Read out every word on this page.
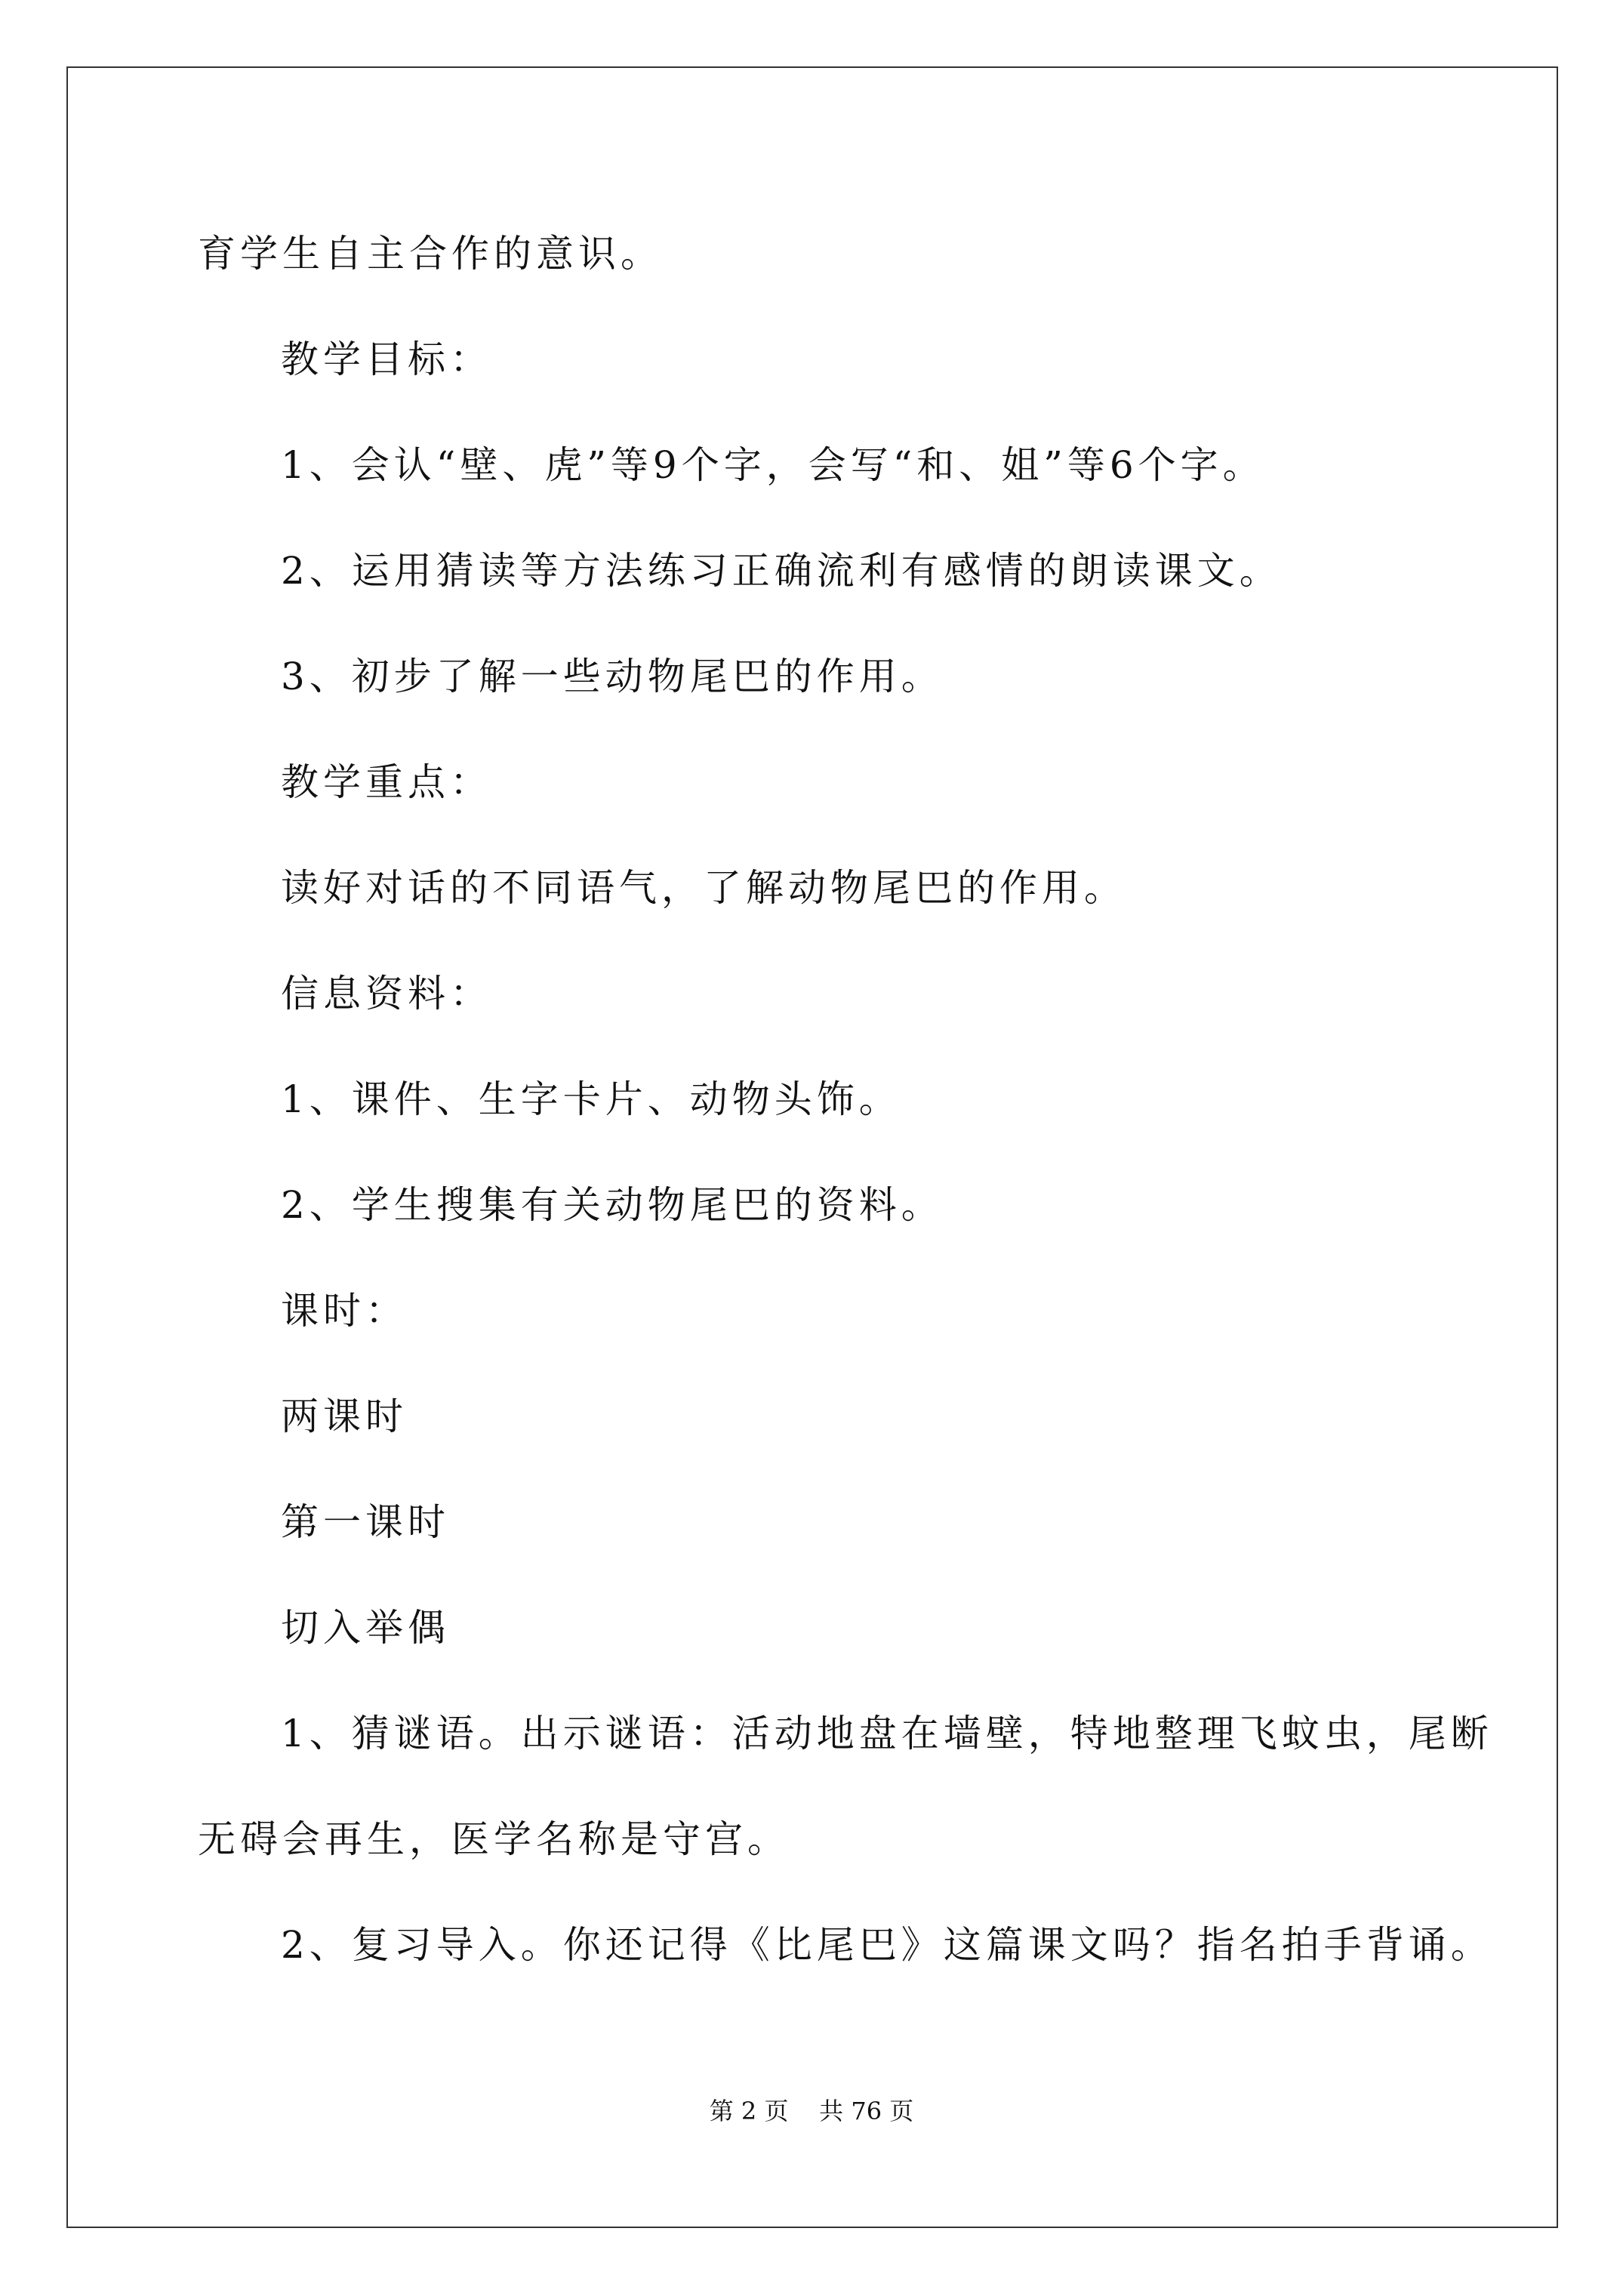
育学生自主合作的意识。
教学目标：
1、会认“壁、虎”等9个字，会写“和、姐”等6个字。
2、运用猜读等方法练习正确流利有感情的朗读课文。
3、初步了解一些动物尾巴的作用。
教学重点：
读好对话的不同语气，了解动物尾巴的作用。
信息资料：
1、课件、生字卡片、动物头饰。
2、学生搜集有关动物尾巴的资料。
课时：
两课时
第一课时
切入举偶
1、猜谜语。出示谜语：活动地盘在墙壁，特地整理飞蚊虫，尾断
无碍会再生，医学名称是守宫。
2、复习导入。你还记得《比尾巴》这篇课文吗？指名拍手背诵。
第 2 页 共 76 页
